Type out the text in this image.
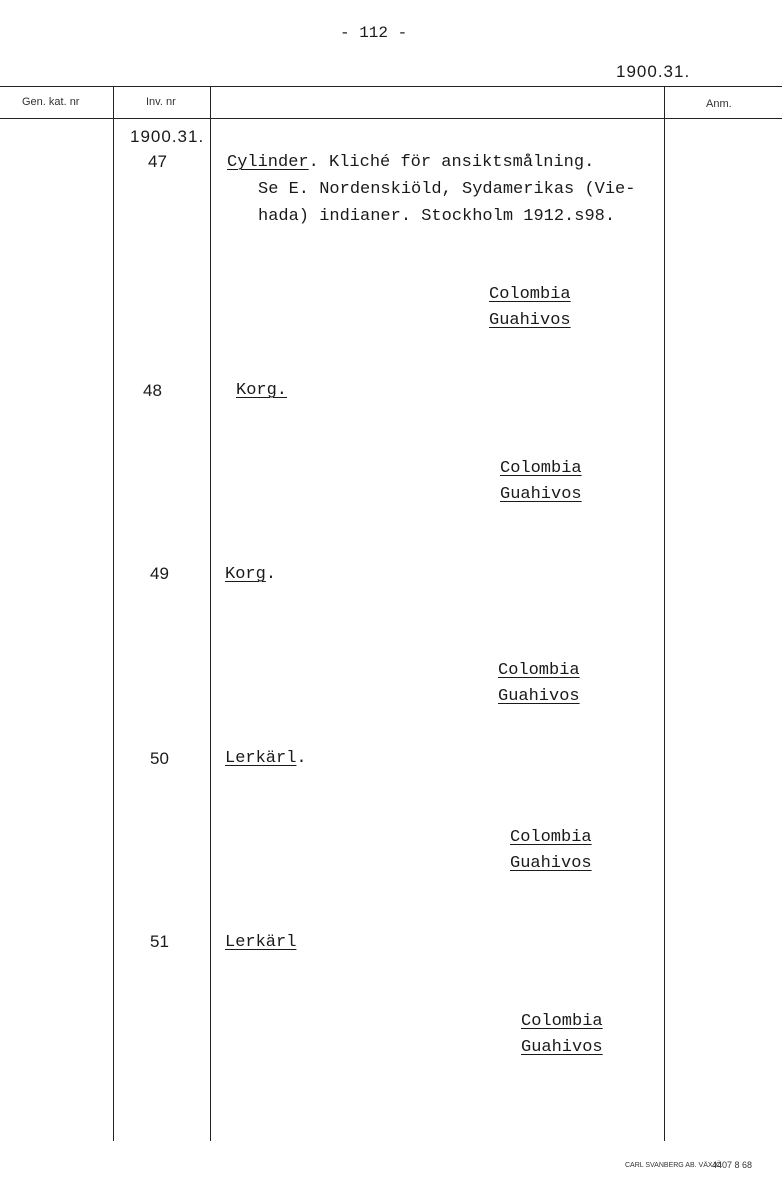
- 112 -
1900.31.
Gen. kat. nr	Inv. nr	Anm.
1900.31.
47	Cylinder. Kliché för ansiktsmålning.
Se E. Nordenskiöld, Sydamerikas (Vie-
hada) indianer. Stockholm 1912.s98.
Colombia
Guahivos
48	Korg.
Colombia
Guahivos
49	Korg.
Colombia
Guahivos
50	Lerkärl.
Colombia
Guahivos
51	Lerkärl
Colombia
Guahivos
CARL SVANBERG AB. VÄXJÖ
4407 8 68
